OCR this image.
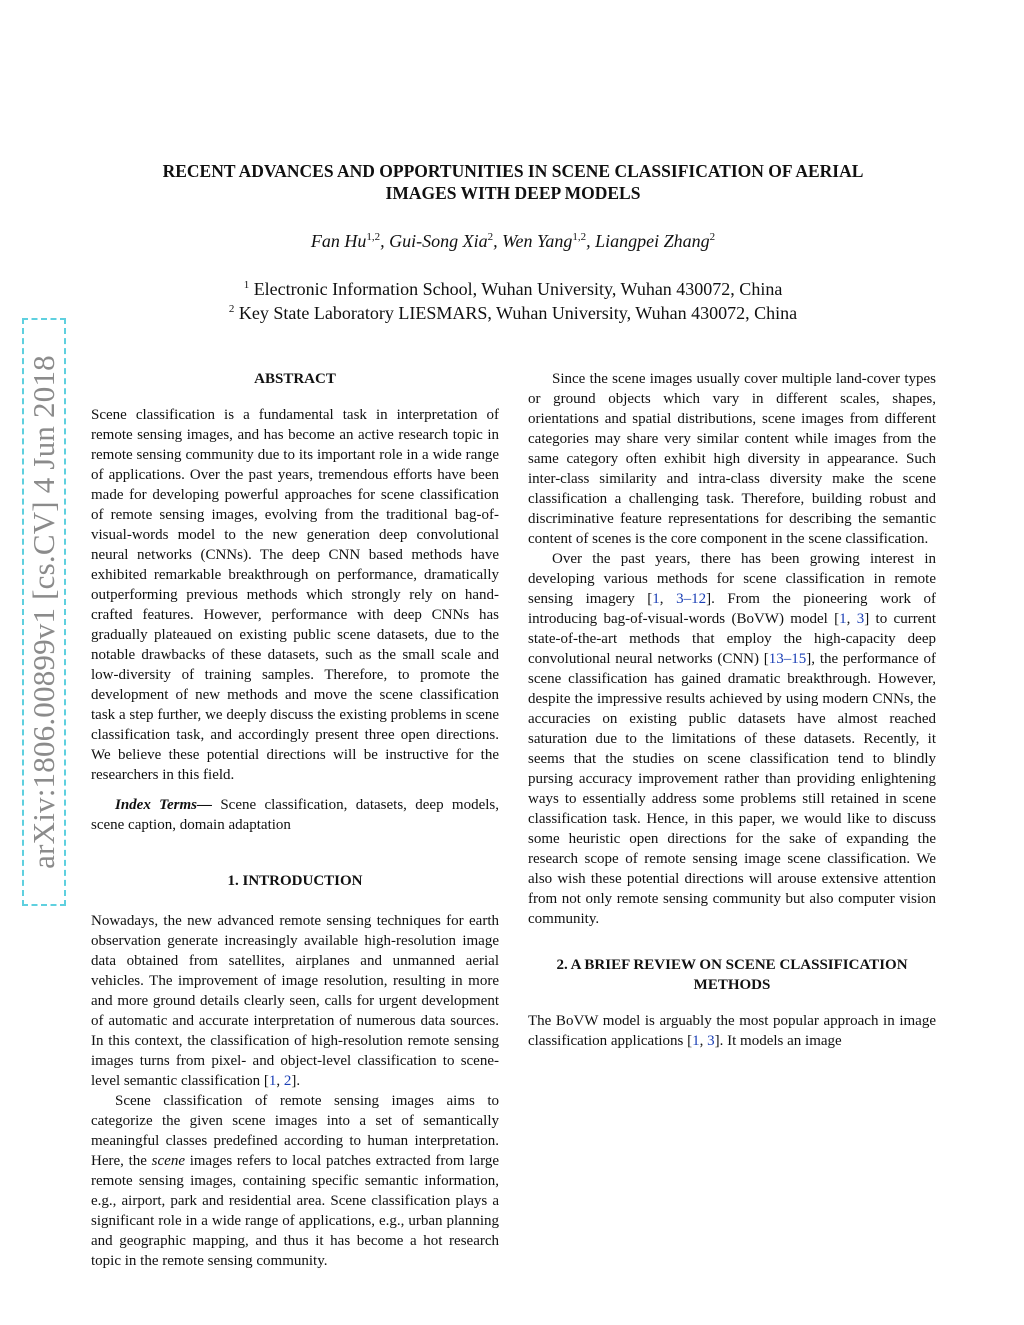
arXiv:1806.00899v1 [cs.CV] 4 Jun 2018
RECENT ADVANCES AND OPPORTUNITIES IN SCENE CLASSIFICATION OF AERIAL
IMAGES WITH DEEP MODELS
Fan Hu$^{1,2}$, Gui-Song Xia$^2$, Wen Yang$^{1,2}$, Liangpei Zhang$^2$
$^1$ Electronic Information School, Wuhan University, Wuhan 430072, China
$^2$ Key State Laboratory LIESMARS, Wuhan University, Wuhan 430072, China
ABSTRACT

Scene classification is a fundamental task in interpretation of remote sensing images, and has become an active research topic in remote sensing community due to its important role in a wide range of applications. Over the past years, tremendous efforts have been made for developing powerful approaches for scene classification of remote sensing images, evolving from the traditional bag-of-visual-words model to the new generation deep convolutional neural networks (CNNs). The deep CNN based methods have exhibited remarkable breakthrough on performance, dramatically outperforming previous methods which strongly rely on hand-crafted features. However, performance with deep CNNs has gradually plateaued on existing public scene datasets, due to the notable drawbacks of these datasets, such as the small scale and low-diversity of training samples. Therefore, to promote the development of new methods and move the scene classification task a step further, we deeply discuss the existing problems in scene classification task, and accordingly present three open directions. We believe these potential directions will be instructive for the researchers in this field.

Index Terms— Scene classification, datasets, deep models, scene caption, domain adaptation

1. INTRODUCTION

Nowadays, the new advanced remote sensing techniques for earth observation generate increasingly available high-resolution image data obtained from satellites, airplanes and unmanned aerial vehicles. The improvement of image resolution, resulting in more and more ground details clearly seen, calls for urgent development of automatic and accurate interpretation of numerous data sources. In this context, the classification of high-resolution remote sensing images turns from pixel- and object-level classification to scene-level semantic classification [1, 2].

Scene classification of remote sensing images aims to categorize the given scene images into a set of semantically meaningful classes predefined according to human interpretation. Here, the scene images refers to local patches extracted from large remote sensing images, containing specific semantic information, e.g., airport, park and residential area. Scene classification plays a significant role in a wide range of applications, e.g., urban planning and geographic mapping, and thus it has become a hot research topic in the remote sensing community.

Since the scene images usually cover multiple land-cover types or ground objects which vary in different scales, shapes, orientations and spatial distributions, scene images from different categories may share very similar content while images from the same category often exhibit high diversity in appearance. Such inter-class similarity and intra-class diversity make the scene classification a challenging task. Therefore, building robust and discriminative feature representations for describing the semantic content of scenes is the core component in the scene classification.

Over the past years, there has been growing interest in developing various methods for scene classification in remote sensing imagery [1, 3–12]. From the pioneering work of introducing bag-of-visual-words (BoVW) model [1, 3] to current state-of-the-art methods that employ the high-capacity deep convolutional neural networks (CNN) [13–15], the performance of scene classification has gained dramatic breakthrough. However, despite the impressive results achieved by using modern CNNs, the accuracies on existing public datasets have almost reached saturation due to the limitations of these datasets. Recently, it seems that the studies on scene classification tend to blindly pursing accuracy improvement rather than providing enlightening ways to essentially address some problems still retained in scene classification task. Hence, in this paper, we would like to discuss some heuristic open directions for the sake of expanding the research scope of remote sensing image scene classification. We also wish these potential directions will arouse extensive attention from not only remote sensing community but also computer vision community.

2. A BRIEF REVIEW ON SCENE CLASSIFICATION
METHODS

The BoVW model is arguably the most popular approach in image classification applications [1, 3]. It models an image
